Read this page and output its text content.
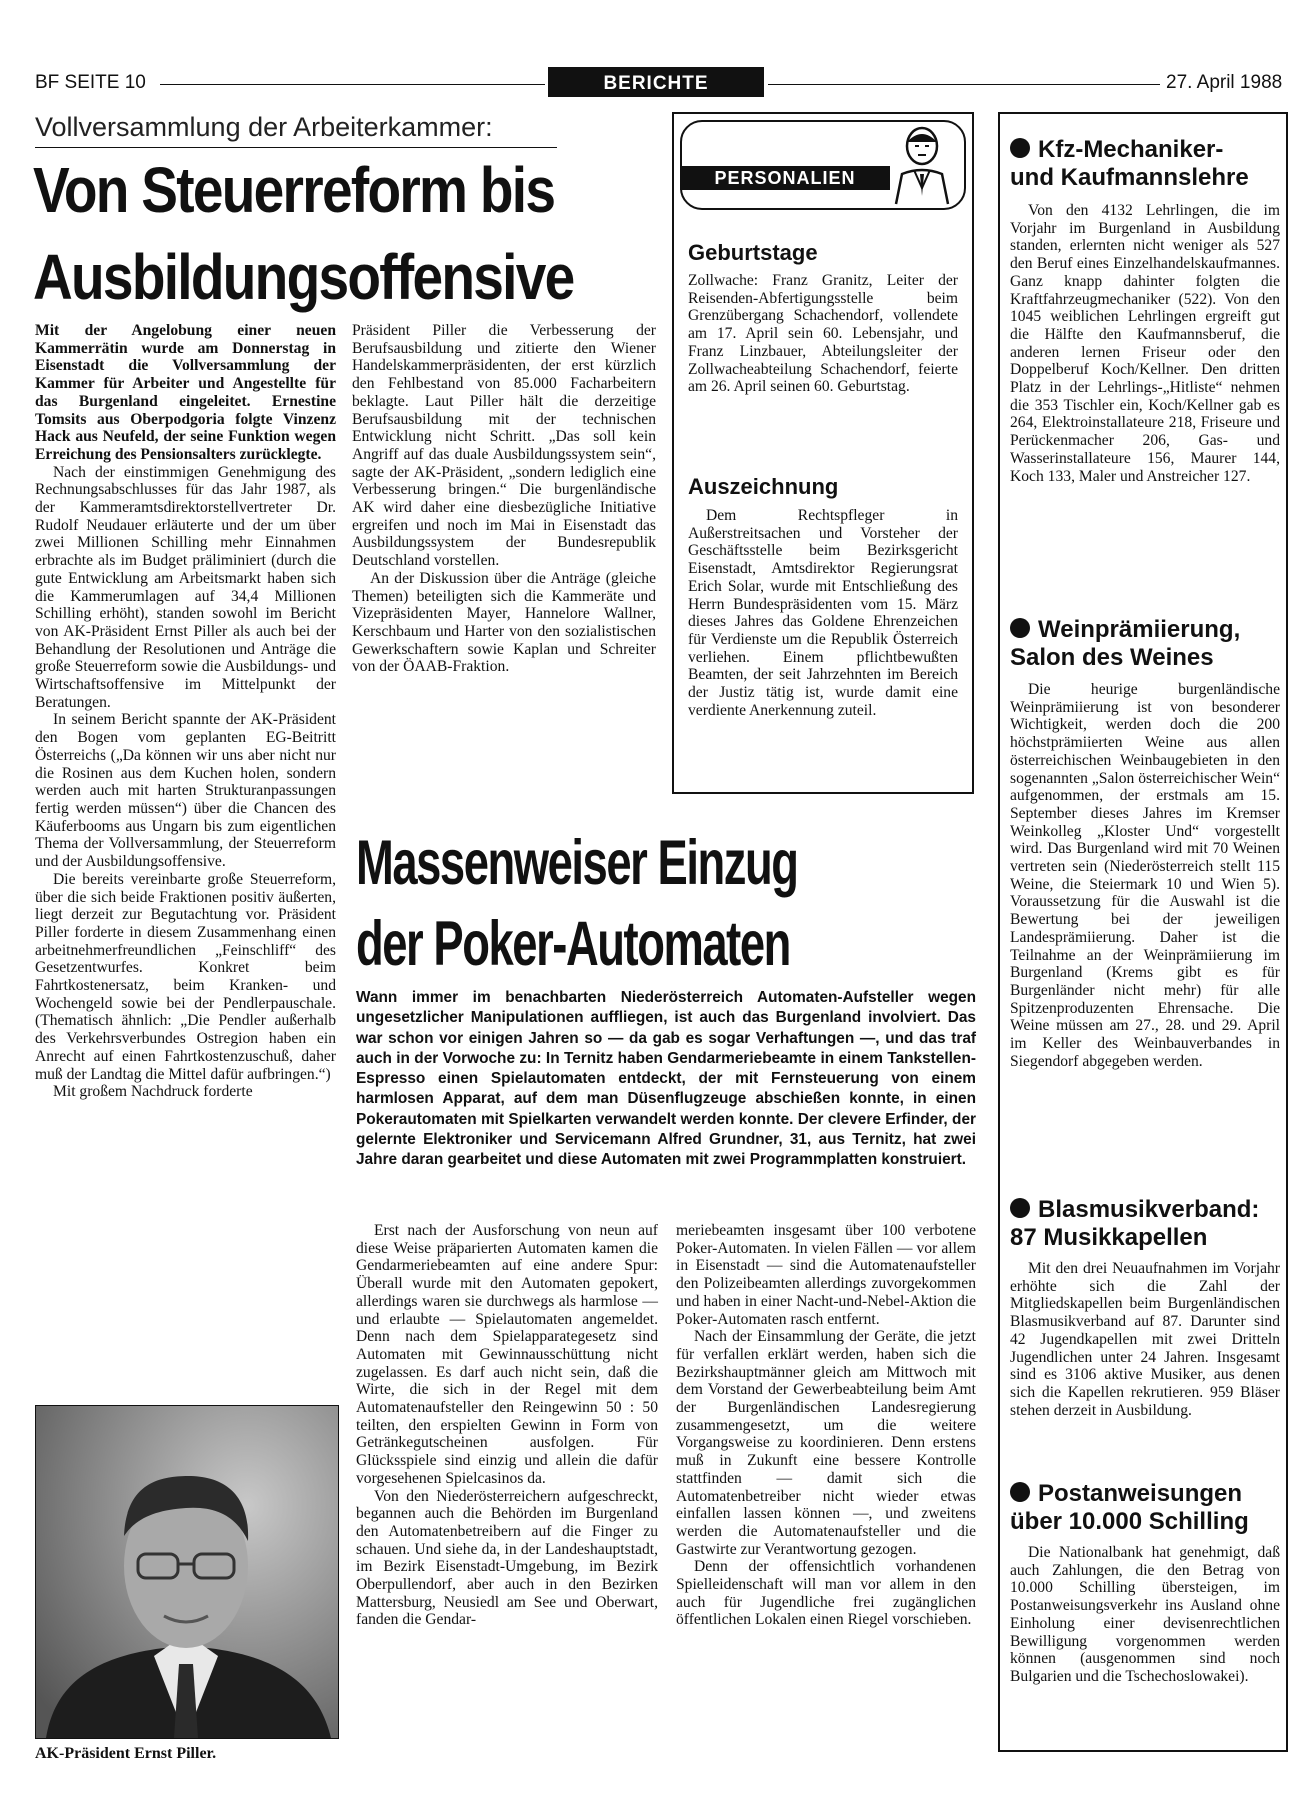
BF SEITE 10	BERICHTE	27. April 1988
Vollversammlung der Arbeiterkammer:
Von Steuerreform bis
Ausbildungsoffensive

Mit der Angelobung einer neuen Kammerrätin wurde am Donnerstag in Eisenstadt die Vollversammlung der Kammer für Arbeiter und Angestellte für das Burgenland eingeleitet. Ernestine Tomsits aus Oberpodgoria folgte Vinzenz Hack aus Neufeld, der seine Funktion wegen Erreichung des Pensionsalters zurücklegte.

Nach der einstimmigen Genehmigung des Rechnungsabschlusses für das Jahr 1987, als der Kammeramtsdirektorstellvertreter Dr. Rudolf Neudauer erläuterte und der um über zwei Millionen Schilling mehr Einnahmen erbrachte als im Budget präliminiert (durch die gute Entwicklung am Arbeitsmarkt haben sich die Kammerumlagen auf 34,4 Millionen Schilling erhöht), standen sowohl im Bericht von AK-Präsident Ernst Piller als auch bei der Behandlung der Resolutionen und Anträge die große Steuerreform sowie die Ausbildungs- und Wirtschaftsoffensive im Mittelpunkt der Beratungen.

In seinem Bericht spannte der AK-Präsident den Bogen vom geplanten EG-Beitritt Österreichs („Da können wir uns aber nicht nur die Rosinen aus dem Kuchen holen, sondern werden auch mit harten Strukturanpassungen fertig werden müssen“) über die Chancen des Käuferbooms aus Ungarn bis zum eigentlichen Thema der Vollversammlung, der Steuerreform und der Ausbildungsoffensive.

Die bereits vereinbarte große Steuerreform, über die sich beide Fraktionen positiv äußerten, liegt derzeit zur Begutachtung vor. Präsident Piller forderte in diesem Zusammenhang einen arbeitnehmerfreundlichen „Feinschliff“ des Gesetzentwurfes. Konkret beim Fahrtkostenersatz, beim Kranken- und Wochengeld sowie bei der Pendlerpauschale. (Thematisch ähnlich: „Die Pendler außerhalb des Verkehrsverbundes Ostregion haben ein Anrecht auf einen Fahrtkostenzuschuß, daher muß der Landtag die Mittel dafür aufbringen.“)

Mit großem Nachdruck forderte

Präsident Piller die Verbesserung der Berufsausbildung und zitierte den Wiener Handelskammerpräsidenten, der erst kürzlich den Fehlbestand von 85.000 Facharbeitern beklagte. Laut Piller hält die derzeitige Berufsausbildung mit der technischen Entwicklung nicht Schritt. „Das soll kein Angriff auf das duale Ausbildungssystem sein“, sagte der AK-Präsident, „sondern lediglich eine Verbesserung bringen.“ Die burgenländische AK wird daher eine diesbezügliche Initiative ergreifen und noch im Mai in Eisenstadt das Ausbildungssystem der Bundesrepublik Deutschland vorstellen.

An der Diskussion über die Anträge (gleiche Themen) beteiligten sich die Kammeräte und Vizepräsidenten Mayer, Hannelore Wallner, Kerschbaum und Harter von den sozialistischen Gewerkschaftern sowie Kaplan und Schreiter von der ÖAAB-Fraktion.

AK-Präsident Ernst Piller.
PERSONALIEN
Geburtstage
Zollwache: Franz Granitz, Leiter der Reisenden-Abfertigungsstelle beim Grenzübergang Schachendorf, vollendete am 17. April sein 60. Lebensjahr, und Franz Linzbauer, Abteilungsleiter der Zollwacheabteilung Schachendorf, feierte am 26. April seinen 60. Geburtstag.
Auszeichnung
Dem Rechtspfleger in Außerstreitsachen und Vorsteher der Geschäftsstelle beim Bezirksgericht Eisenstadt, Amtsdirektor Regierungsrat Erich Solar, wurde mit Entschließung des Herrn Bundespräsidenten vom 15. März dieses Jahres das Goldene Ehrenzeichen für Verdienste um die Republik Österreich verliehen. Einem pflichtbewußten Beamten, der seit Jahrzehnten im Bereich der Justiz tätig ist, wurde damit eine verdiente Anerkennung zuteil.
Massenweiser Einzug
der Poker-Automaten
Wann immer im benachbarten Niederösterreich Automaten-Aufsteller wegen ungesetzlicher Manipulationen auffliegen, ist auch das Burgenland involviert. Das war schon vor einigen Jahren so — da gab es sogar Verhaftungen —, und das traf auch in der Vorwoche zu: In Ternitz haben Gendarmeriebeamte in einem Tankstellen-Espresso einen Spielautomaten entdeckt, der mit Fernsteuerung von einem harmlosen Apparat, auf dem man Düsenflugzeuge abschießen konnte, in einen Pokerautomaten mit Spielkarten verwandelt werden konnte. Der clevere Erfinder, der gelernte Elektroniker und Servicemann Alfred Grundner, 31, aus Ternitz, hat zwei Jahre daran gearbeitet und diese Automaten mit zwei Programmplatten konstruiert.

Erst nach der Ausforschung von neun auf diese Weise präparierten Automaten kamen die Gendarmeriebeamten auf eine andere Spur: Überall wurde mit den Automaten gepokert, allerdings waren sie durchwegs als harmlose — und erlaubte — Spielautomaten angemeldet. Denn nach dem Spielapparategesetz sind Automaten mit Gewinnausschüttung nicht zugelassen. Es darf auch nicht sein, daß die Wirte, die sich in der Regel mit dem Automatenaufsteller den Reingewinn 50 : 50 teilten, den erspielten Gewinn in Form von Getränkegutscheinen ausfolgen. Für Glücksspiele sind einzig und allein die dafür vorgesehenen Spielcasinos da.

Von den Niederösterreichern aufgeschreckt, begannen auch die Behörden im Burgenland den Automatenbetreibern auf die Finger zu schauen. Und siehe da, in der Landeshauptstadt, im Bezirk Eisenstadt-Umgebung, im Bezirk Oberpullendorf, aber auch in den Bezirken Mattersburg, Neusiedl am See und Oberwart, fanden die Gendar-

meriebeamten insgesamt über 100 verbotene Poker-Automaten. In vielen Fällen — vor allem in Eisenstadt — sind die Automatenaufsteller den Polizeibeamten allerdings zuvorgekommen und haben in einer Nacht-und-Nebel-Aktion die Poker-Automaten rasch entfernt.

Nach der Einsammlung der Geräte, die jetzt für verfallen erklärt werden, haben sich die Bezirkshauptmänner gleich am Mittwoch mit dem Vorstand der Gewerbeabteilung beim Amt der Burgenländischen Landesregierung zusammengesetzt, um die weitere Vorgangsweise zu koordinieren. Denn erstens muß in Zukunft eine bessere Kontrolle stattfinden — damit sich die Automatenbetreiber nicht wieder etwas einfallen lassen können —, und zweitens werden die Automatenaufsteller und die Gastwirte zur Verantwortung gezogen.

Denn der offensichtlich vorhandenen Spielleidenschaft will man vor allem in den auch für Jugendliche frei zugänglichen öffentlichen Lokalen einen Riegel vorschieben.

Kfz-Mechaniker-
und Kaufmannslehre
Von den 4132 Lehrlingen, die im Vorjahr im Burgenland in Ausbildung standen, erlernten nicht weniger als 527 den Beruf eines Einzelhandelskaufmannes. Ganz knapp dahinter folgten die Kraftfahrzeugmechaniker (522). Von den 1045 weiblichen Lehrlingen ergreift gut die Hälfte den Kaufmannsberuf, die anderen lernen Friseur oder den Doppelberuf Koch/Kellner. Den dritten Platz in der Lehrlings-„Hitliste“ nehmen die 353 Tischler ein, Koch/Kellner gab es 264, Elektroinstallateure 218, Friseure und Perückenmacher 206, Gas- und Wasserinstallateure 156, Maurer 144, Koch 133, Maler und Anstreicher 127.
Weinprämiierung,
Salon des Weines
Die heurige burgenländische Weinprämiierung ist von besonderer Wichtigkeit, werden doch die 200 höchstprämiierten Weine aus allen österreichischen Weinbaugebieten in den sogenannten „Salon österreichischer Wein“ aufgenommen, der erstmals am 15. September dieses Jahres im Kremser Weinkolleg „Kloster Und“ vorgestellt wird. Das Burgenland wird mit 70 Weinen vertreten sein (Niederösterreich stellt 115 Weine, die Steiermark 10 und Wien 5). Voraussetzung für die Auswahl ist die Bewertung bei der jeweiligen Landesprämiierung. Daher ist die Teilnahme an der Weinprämiierung im Burgenland (Krems gibt es für Burgenländer nicht mehr) für alle Spitzenproduzenten Ehrensache. Die Weine müssen am 27., 28. und 29. April im Keller des Weinbauverbandes in Siegendorf abgegeben werden.
Blasmusikverband:
87 Musikkapellen
Mit den drei Neuaufnahmen im Vorjahr erhöhte sich die Zahl der Mitgliedskapellen beim Burgenländischen Blasmusikverband auf 87. Darunter sind 42 Jugendkapellen mit zwei Dritteln Jugendlichen unter 24 Jahren. Insgesamt sind es 3106 aktive Musiker, aus denen sich die Kapellen rekrutieren. 959 Bläser stehen derzeit in Ausbildung.
Postanweisungen
über 10.000 Schilling
Die Nationalbank hat genehmigt, daß auch Zahlungen, die den Betrag von 10.000 Schilling übersteigen, im Postanweisungsverkehr ins Ausland ohne Einholung einer devisenrechtlichen Bewilligung vorgenommen werden können (ausgenommen sind noch Bulgarien und die Tschechoslowakei).
